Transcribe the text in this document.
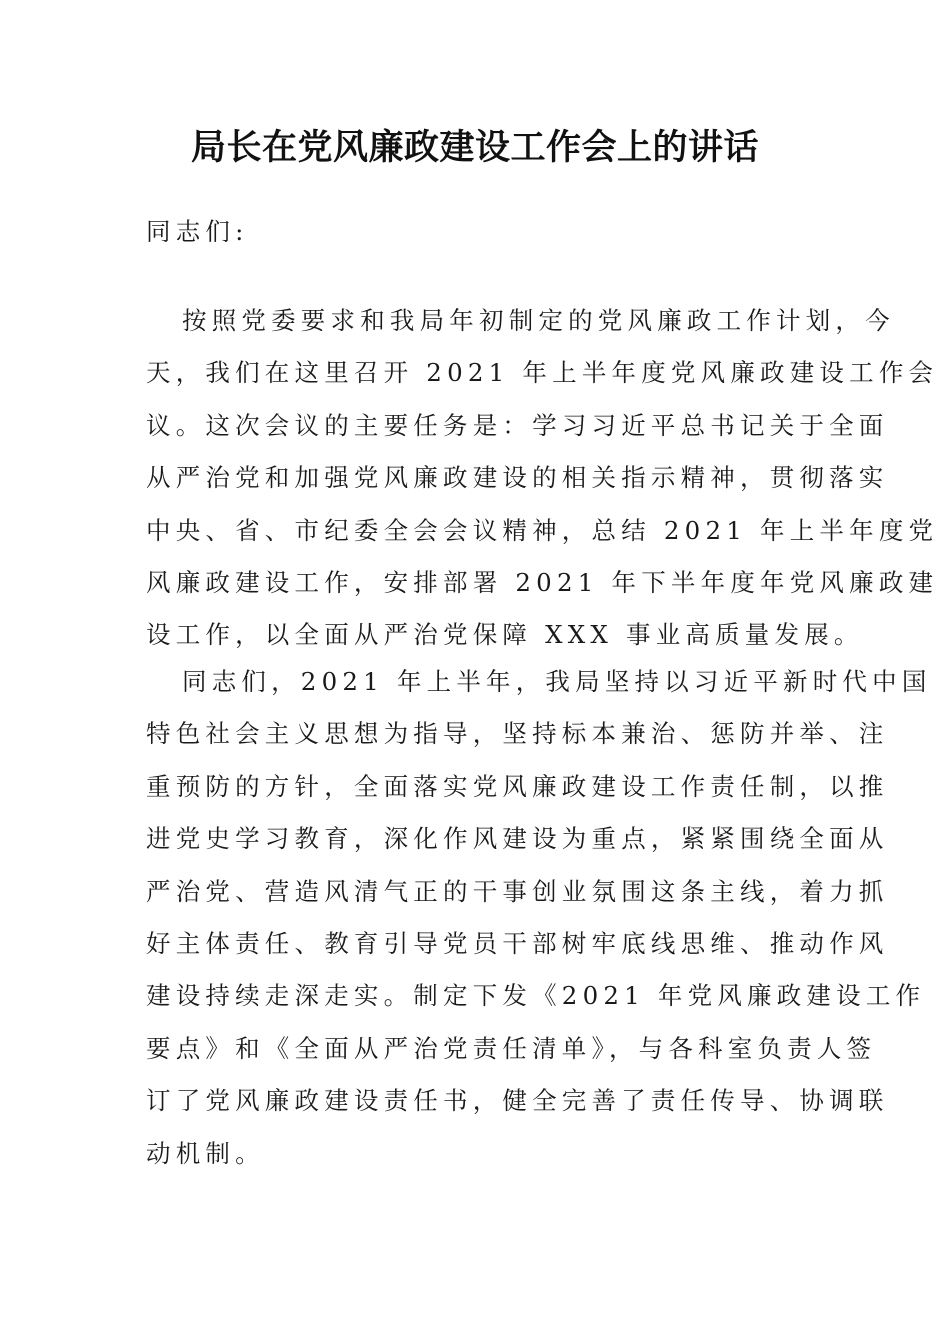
局长在党风廉政建设工作会上的讲话

同志们:

按照党委要求和我局年初制定的党风廉政工作计划，今
天，我们在这里召开 2021 年上半年度党风廉政建设工作会
议。这次会议的主要任务是：学习习近平总书记关于全面
从严治党和加强党风廉政建设的相关指示精神，贯彻落实
中央、省、市纪委全会会议精神，总结 2021 年上半年度党
风廉政建设工作，安排部署 2021 年下半年度年党风廉政建
设工作，以全面从严治党保障 XXX 事业高质量发展。

同志们，2021 年上半年，我局坚持以习近平新时代中国
特色社会主义思想为指导，坚持标本兼治、惩防并举、注
重预防的方针，全面落实党风廉政建设工作责任制，以推
进党史学习教育，深化作风建设为重点，紧紧围绕全面从
严治党、营造风清气正的干事创业氛围这条主线，着力抓
好主体责任、教育引导党员干部树牢底线思维、推动作风
建设持续走深走实。制定下发《2021 年党风廉政建设工作
要点》和《全面从严治党责任清单》，与各科室负责人签
订了党风廉政建设责任书，健全完善了责任传导、协调联
动机制。
